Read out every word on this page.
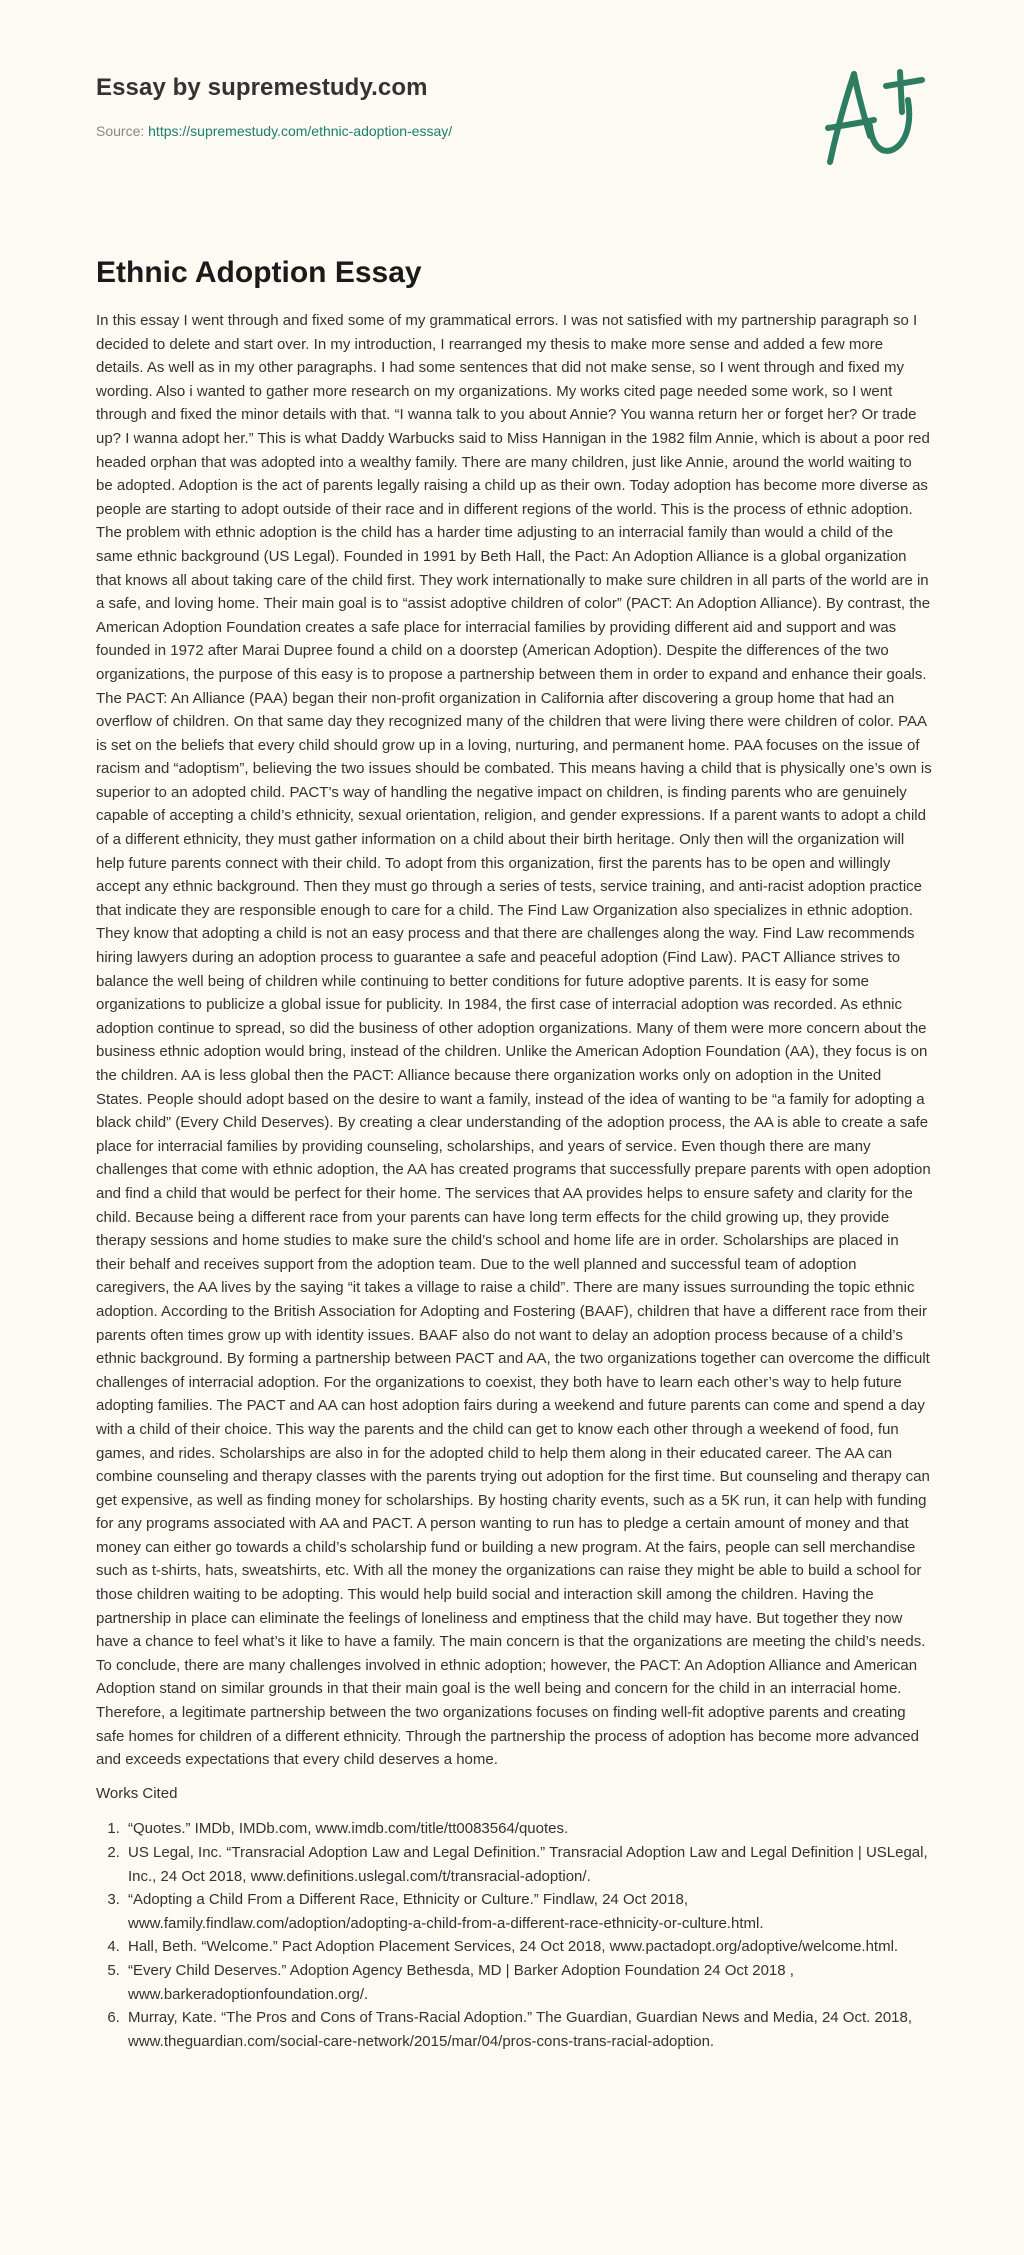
Essay by supremestudy.com

Source: https://supremestudy.com/ethnic-adoption-essay/

Ethnic Adoption Essay

In this essay I went through and fixed some of my grammatical errors. I was not satisfied with my partnership paragraph so I decided to delete and start over. In my introduction, I rearranged my thesis to make more sense and added a few more details. As well as in my other paragraphs. I had some sentences that did not make sense, so I went through and fixed my wording. Also i wanted to gather more research on my organizations. My works cited page needed some work, so I went through and fixed the minor details with that. “I wanna talk to you about Annie? You wanna return her or forget her? Or trade up? I wanna adopt her.” This is what Daddy Warbucks said to Miss Hannigan in the 1982 film Annie, which is about a poor red headed orphan that was adopted into a wealthy family. There are many children, just like Annie, around the world waiting to be adopted. Adoption is the act of parents legally raising a child up as their own. Today adoption has become more diverse as people are starting to adopt outside of their race and in different regions of the world. This is the process of ethnic adoption. The problem with ethnic adoption is the child has a harder time adjusting to an interracial family than would a child of the same ethnic background (US Legal). Founded in 1991 by Beth Hall, the Pact: An Adoption Alliance is a global organization that knows all about taking care of the child first. They work internationally to make sure children in all parts of the world are in a safe, and loving home. Their main goal is to “assist adoptive children of color” (PACT: An Adoption Alliance). By contrast, the American Adoption Foundation creates a safe place for interracial families by providing different aid and support and was founded in 1972 after Marai Dupree found a child on a doorstep (American Adoption). Despite the differences of the two organizations, the purpose of this easy is to propose a partnership between them in order to expand and enhance their goals. The PACT: An Alliance (PAA) began their non-profit organization in California after discovering a group home that had an overflow of children. On that same day they recognized many of the children that were living there were children of color. PAA is set on the beliefs that every child should grow up in a loving, nurturing, and permanent home. PAA focuses on the issue of racism and “adoptism”, believing the two issues should be combated. This means having a child that is physically one’s own is superior to an adopted child. PACT’s way of handling the negative impact on children, is finding parents who are genuinely capable of accepting a child’s ethnicity, sexual orientation, religion, and gender expressions. If a parent wants to adopt a child of a different ethnicity, they must gather information on a child about their birth heritage. Only then will the organization will help future parents connect with their child. To adopt from this organization, first the parents has to be open and willingly accept any ethnic background. Then they must go through a series of tests, service training, and anti-racist adoption practice that indicate they are responsible enough to care for a child. The Find Law Organization also specializes in ethnic adoption. They know that adopting a child is not an easy process and that there are challenges along the way. Find Law recommends hiring lawyers during an adoption process to guarantee a safe and peaceful adoption (Find Law). PACT Alliance strives to balance the well being of children while continuing to better conditions for future adoptive parents. It is easy for some organizations to publicize a global issue for publicity. In 1984, the first case of interracial adoption was recorded. As ethnic adoption continue to spread, so did the business of other adoption organizations. Many of them were more concern about the business ethnic adoption would bring, instead of the children. Unlike the American Adoption Foundation (AA), they focus is on the children. AA is less global then the PACT: Alliance because there organization works only on adoption in the United States. People should adopt based on the desire to want a family, instead of the idea of wanting to be “a family for adopting a black child” (Every Child Deserves). By creating a clear understanding of the adoption process, the AA is able to create a safe place for interracial families by providing counseling, scholarships, and years of service. Even though there are many challenges that come with ethnic adoption, the AA has created programs that successfully prepare parents with open adoption and find a child that would be perfect for their home. The services that AA provides helps to ensure safety and clarity for the child. Because being a different race from your parents can have long term effects for the child growing up, they provide therapy sessions and home studies to make sure the child’s school and home life are in order. Scholarships are placed in their behalf and receives support from the adoption team. Due to the well planned and successful team of adoption caregivers, the AA lives by the saying “it takes a village to raise a child”. There are many issues surrounding the topic ethnic adoption. According to the British Association for Adopting and Fostering (BAAF), children that have a different race from their parents often times grow up with identity issues. BAAF also do not want to delay an adoption process because of a child’s ethnic background. By forming a partnership between PACT and AA, the two organizations together can overcome the difficult challenges of interracial adoption. For the organizations to coexist, they both have to learn each other’s way to help future adopting families. The PACT and AA can host adoption fairs during a weekend and future parents can come and spend a day with a child of their choice. This way the parents and the child can get to know each other through a weekend of food, fun games, and rides. Scholarships are also in for the adopted child to help them along in their educated career. The AA can combine counseling and therapy classes with the parents trying out adoption for the first time. But counseling and therapy can get expensive, as well as finding money for scholarships. By hosting charity events, such as a 5K run, it can help with funding for any programs associated with AA and PACT. A person wanting to run has to pledge a certain amount of money and that money can either go towards a child’s scholarship fund or building a new program. At the fairs, people can sell merchandise such as t-shirts, hats, sweatshirts, etc. With all the money the organizations can raise they might be able to build a school for those children waiting to be adopting. This would help build social and interaction skill among the children. Having the partnership in place can eliminate the feelings of loneliness and emptiness that the child may have. But together they now have a chance to feel what’s it like to have a family. The main concern is that the organizations are meeting the child’s needs. To conclude, there are many challenges involved in ethnic adoption; however, the PACT: An Adoption Alliance and American Adoption stand on similar grounds in that their main goal is the well being and concern for the child in an interracial home. Therefore, a legitimate partnership between the two organizations focuses on finding well-fit adoptive parents and creating safe homes for children of a different ethnicity. Through the partnership the process of adoption has become more advanced and exceeds expectations that every child deserves a home.

Works Cited

1. “Quotes.” IMDb, IMDb.com, www.imdb.com/title/tt0083564/quotes.
2. US Legal, Inc. “Transracial Adoption Law and Legal Definition.” Transracial Adoption Law and Legal Definition | USLegal, Inc., 24 Oct 2018, www.definitions.uslegal.com/t/transracial-adoption/.
3. “Adopting a Child From a Different Race, Ethnicity or Culture.” Findlaw, 24 Oct 2018, www.family.findlaw.com/adoption/adopting-a-child-from-a-different-race-ethnicity-or-culture.html.
4. Hall, Beth. “Welcome.” Pact Adoption Placement Services, 24 Oct 2018, www.pactadopt.org/adoptive/welcome.html.
5. “Every Child Deserves.” Adoption Agency Bethesda, MD | Barker Adoption Foundation 24 Oct 2018 , www.barkeradoptionfoundation.org/.
6. Murray, Kate. “The Pros and Cons of Trans-Racial Adoption.” The Guardian, Guardian News and Media, 24 Oct. 2018, www.theguardian.com/social-care-network/2015/mar/04/pros-cons-trans-racial-adoption.
